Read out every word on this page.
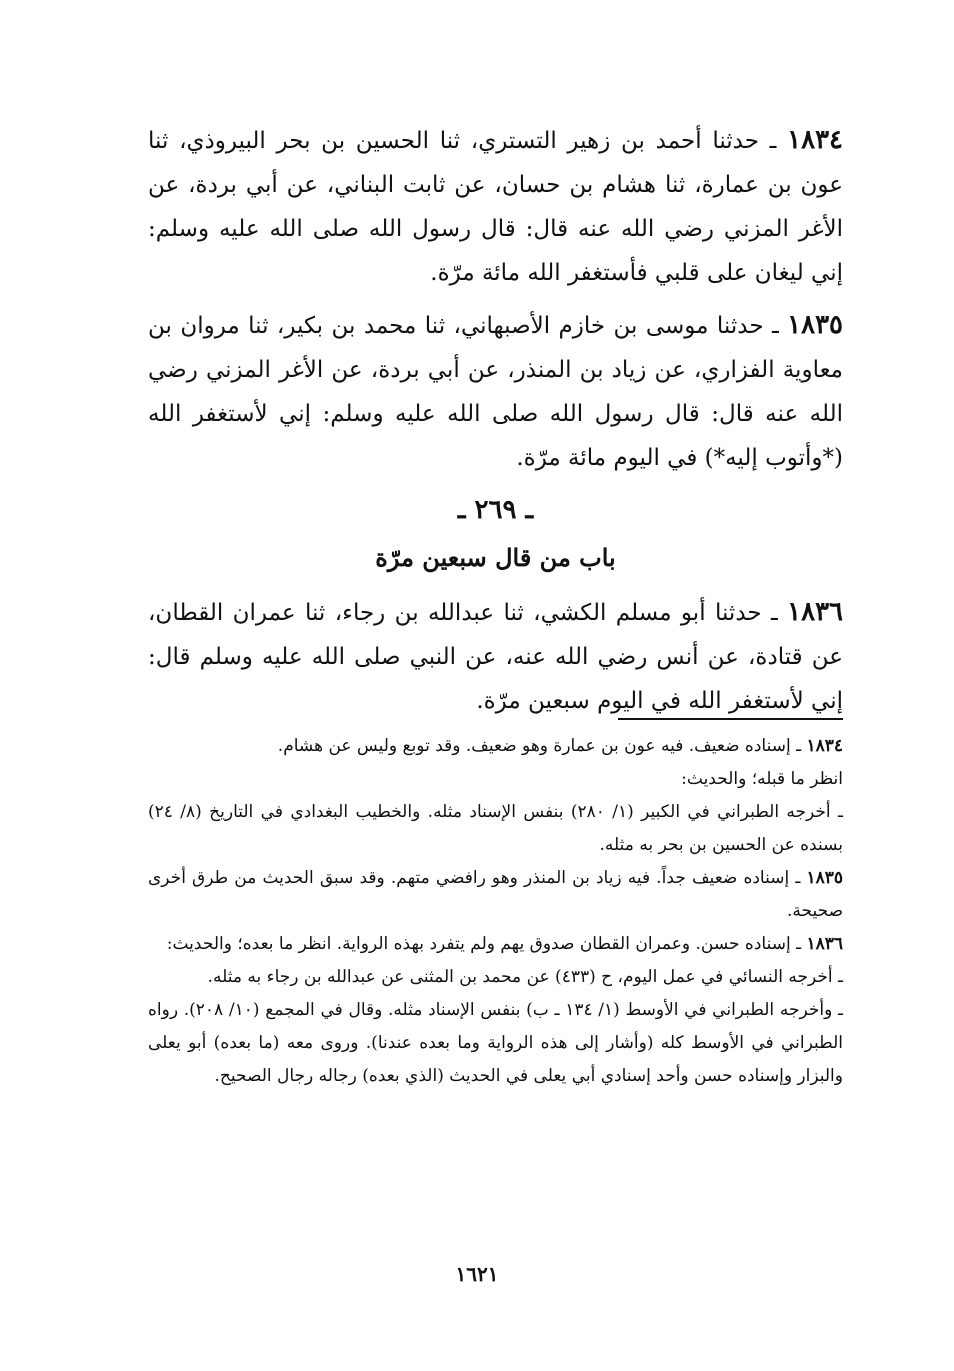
١٨٣٤ ـ حدثنا أحمد بن زهير التستري، ثنا الحسين بن بحر البيروذي، ثنا عون بن عمارة، ثنا هشام بن حسان، عن ثابت البناني، عن أبي بردة، عن الأغر المزني رضي الله عنه قال: قال رسول الله صلى الله عليه وسلم: إني ليغان على قلبي فأستغفر الله مائة مرّة.

١٨٣٥ ـ حدثنا موسى بن خازم الأصبهاني، ثنا محمد بن بكير، ثنا مروان بن معاوية الفزاري، عن زياد بن المنذر، عن أبي بردة، عن الأغر المزني رضي الله عنه قال: قال رسول الله صلى الله عليه وسلم: إني لأستغفر الله (*وأتوب إليه*) في اليوم مائة مرّة.

ـ ٢٦٩ ـ
باب من قال سبعين مرّة

١٨٣٦ ـ حدثنا أبو مسلم الكشي، ثنا عبدالله بن رجاء، ثنا عمران القطان، عن قتادة، عن أنس رضي الله عنه، عن النبي صلى الله عليه وسلم قال: إني لأستغفر الله في اليوم سبعين مرّة.

١٨٣٤ ـ إسناده ضعيف. فيه عون بن عمارة وهو ضعيف. وقد توبع وليس عن هشام.

انظر ما قبله؛ والحديث:

ـ أخرجه الطبراني في الكبير (١/ ٢٨٠) بنفس الإسناد مثله. والخطيب البغدادي في التاريخ (٨/ ٢٤) بسنده عن الحسين بن بحر به مثله.

١٨٣٥ ـ إسناده ضعيف جداً. فيه زياد بن المنذر وهو رافضي متهم. وقد سبق الحديث من طرق أخرى صحيحة.

١٨٣٦ ـ إسناده حسن. وعمران القطان صدوق يهم ولم يتفرد بهذه الرواية. انظر ما بعده؛ والحديث:

ـ أخرجه النسائي في عمل اليوم، ح (٤٣٣) عن محمد بن المثنى عن عبدالله بن رجاء به مثله.

ـ وأخرجه الطبراني في الأوسط (١/ ١٣٤ ـ ب) بنفس الإسناد مثله. وقال في المجمع (١٠/ ٢٠٨). رواه الطبراني في الأوسط كله (وأشار إلى هذه الرواية وما بعده عندنا). وروى معه (ما بعده) أبو يعلى والبزار وإسناده حسن وأحد إسنادي أبي يعلى في الحديث (الذي بعده) رجاله رجال الصحيح.

١٦٢١
